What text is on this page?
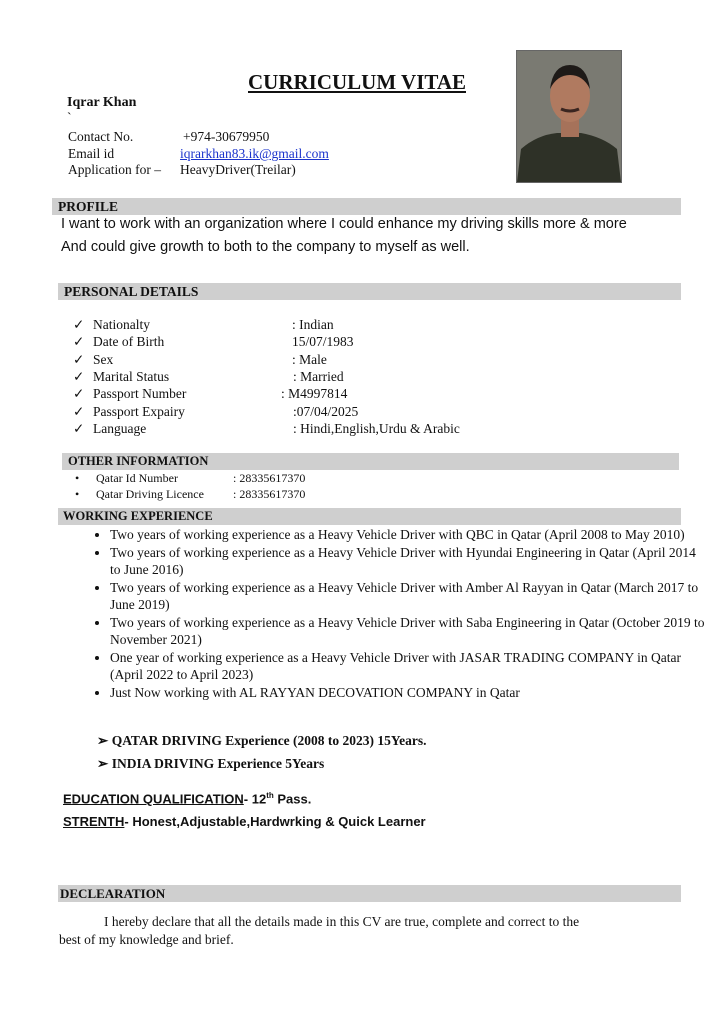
CURRICULUM VITAE
Iqrar Khan
`
Contact No.	+974-30679950
Email id	iqrarkhan83.ik@gmail.com
Application for – HeavyDriver(Treilar)
PROFILE
I want to work with an organization where I could enhance my driving skills more & more
And could give growth to both to the company to myself as well.
PERSONAL DETAILS
✓ Nationalty	: Indian
✓ Date of Birth	15/07/1983
✓ Sex	: Male
✓ Marital Status	: Married
✓ Passport Number	: M4997814
✓ Passport Expairy	:07/04/2025
✓ Language	: Hindi,English,Urdu & Arabic
OTHER INFORMATION
• Qatar Id Number	: 28335617370
• Qatar Driving Licence : 28335617370
WORKING EXPERIENCE
• Two years of working experience as a Heavy Vehicle Driver with QBC in Qatar (April 2008 to May 2010)
• Two years of working experience as a Heavy Vehicle Driver with Hyundai Engineering in Qatar (April 2014 to June 2016)
• Two years of working experience as a Heavy Vehicle Driver with Amber Al Rayyan in Qatar (March 2017 to June 2019)
• Two years of working experience as a Heavy Vehicle Driver with Saba Engineering in Qatar (October 2019 to November 2021)
• One year of working experience as a Heavy Vehicle Driver with JASAR TRADING COMPANY in Qatar (April 2022 to April 2023)
• Just Now working with AL RAYYAN DECOVATION COMPANY in Qatar
➢ QATAR DRIVING Experience (2008 to 2023) 15Years.
➢ INDIA DRIVING Experience 5Years
EDUCATION QUALIFICATION- 12th Pass.
STRENTH- Honest,Adjustable,Hardwrking & Quick Learner
DECLEARATION
I hereby declare that all the details made in this CV are true, complete and correct to the
best of my knowledge and brief.
